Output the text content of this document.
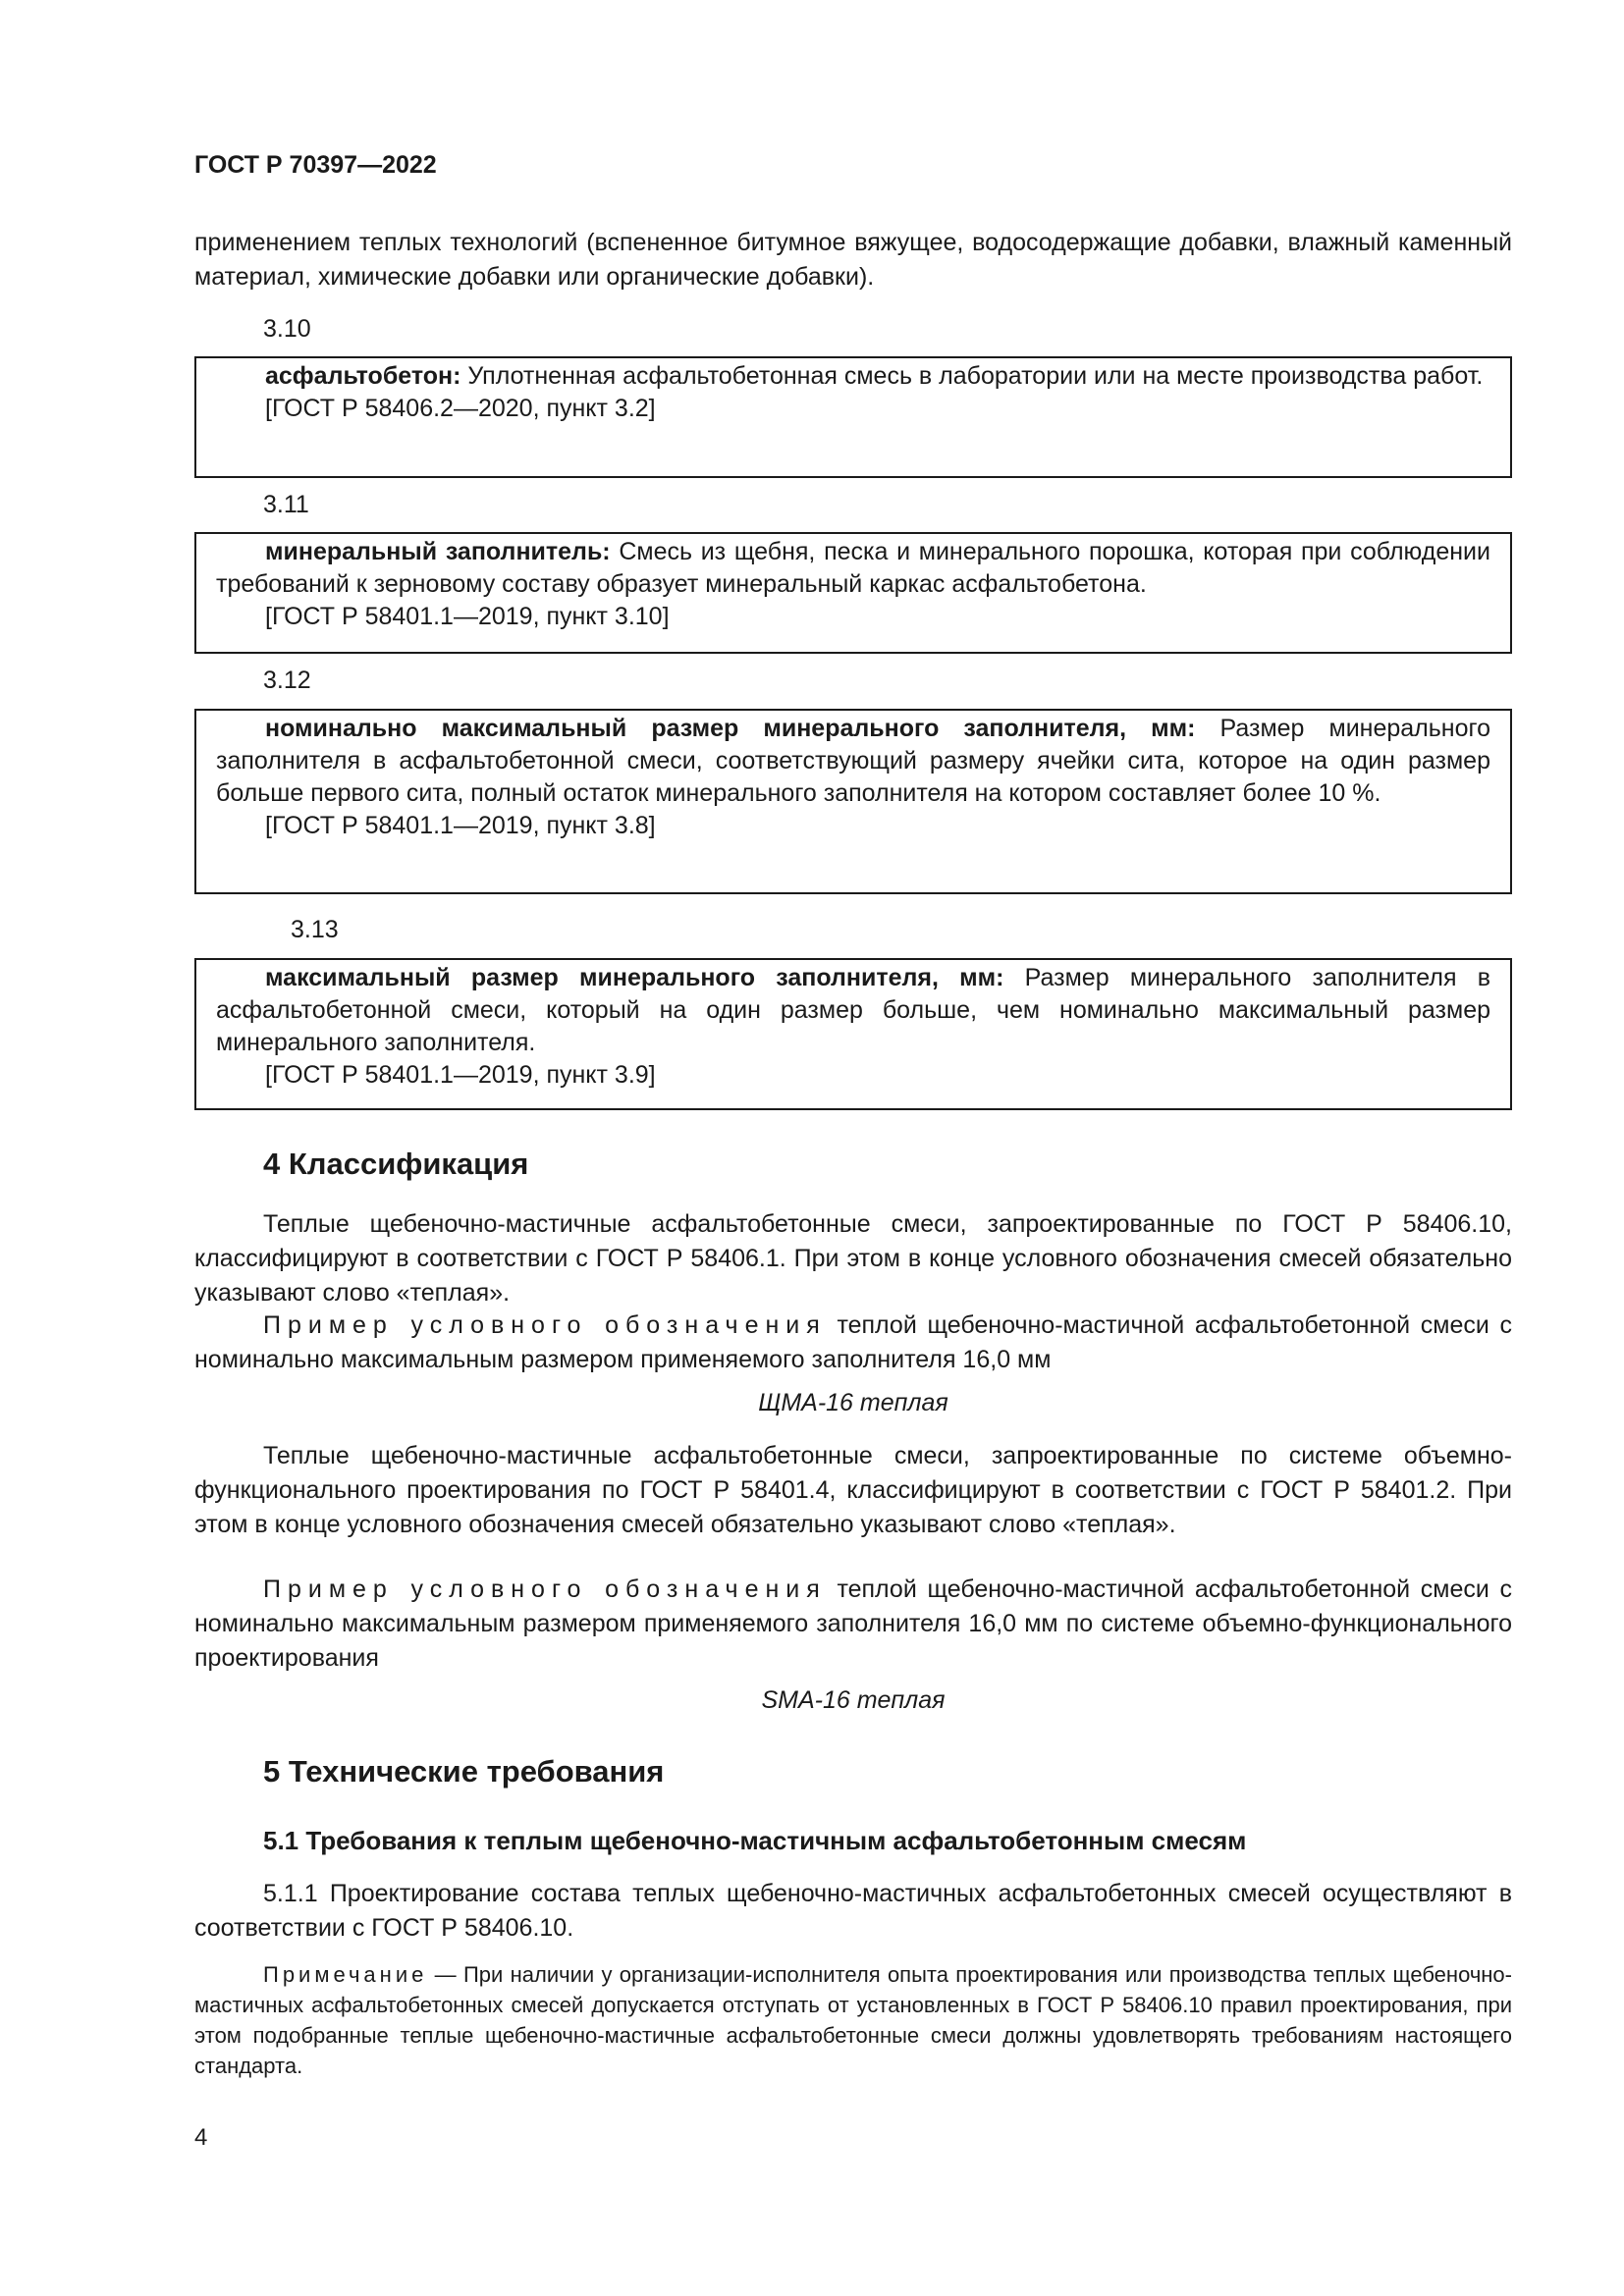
ГОСТ Р 70397—2022

применением теплых технологий (вспененное битумное вяжущее, водосодержащие добавки, влажный каменный материал, химические добавки или органические добавки).

3.10

асфальтобетон: Уплотненная асфальтобетонная смесь в лаборатории или на месте производства работ.

[ГОСТ Р 58406.2—2020, пункт 3.2]

3.11

минеральный заполнитель: Смесь из щебня, песка и минерального порошка, которая при соблюдении требований к зерновому составу образует минеральный каркас асфальтобетона.

[ГОСТ Р 58401.1—2019, пункт 3.10]

3.12

номинально максимальный размер минерального заполнителя, мм: Размер минерального заполнителя в асфальтобетонной смеси, соответствующий размеру ячейки сита, которое на один размер больше первого сита, полный остаток минерального заполнителя на котором составляет более 10 %.

[ГОСТ Р 58401.1—2019, пункт 3.8]

3.13

максимальный размер минерального заполнителя, мм: Размер минерального заполнителя в асфальтобетонной смеси, который на один размер больше, чем номинально максимальный размер минерального заполнителя.

[ГОСТ Р 58401.1—2019, пункт 3.9]

4 Классификация

Теплые щебеночно-мастичные асфальтобетонные смеси, запроектированные по ГОСТ Р 58406.10, классифицируют в соответствии с ГОСТ Р 58406.1. При этом в конце условного обозначения смесей обязательно указывают слово «теплая».

Пример условного обозначения теплой щебеночно-мастичной асфальтобетонной смеси с номинально максимальным размером применяемого заполнителя 16,0 мм

ЩМА-16 теплая

Теплые щебеночно-мастичные асфальтобетонные смеси, запроектированные по системе объемно-функционального проектирования по ГОСТ Р 58401.4, классифицируют в соответствии с ГОСТ Р 58401.2. При этом в конце условного обозначения смесей обязательно указывают слово «теплая».

Пример условного обозначения теплой щебеночно-мастичной асфальтобетонной смеси с номинально максимальным размером применяемого заполнителя 16,0 мм по системе объемно-функционального проектирования

SMA-16 теплая
5 Технические требования
5.1 Требования к теплым щебеночно-мастичным асфальтобетонным смесям

5.1.1 Проектирование состава теплых щебеночно-мастичных асфальтобетонных смесей осуществляют в соответствии с ГОСТ Р 58406.10.

Примечание — При наличии у организации-исполнителя опыта проектирования или производства теплых щебеночно-мастичных асфальтобетонных смесей допускается отступать от установленных в ГОСТ Р 58406.10 правил проектирования, при этом подобранные теплые щебеночно-мастичные асфальтобетонные смеси должны удовлетворять требованиям настоящего стандарта.

4
